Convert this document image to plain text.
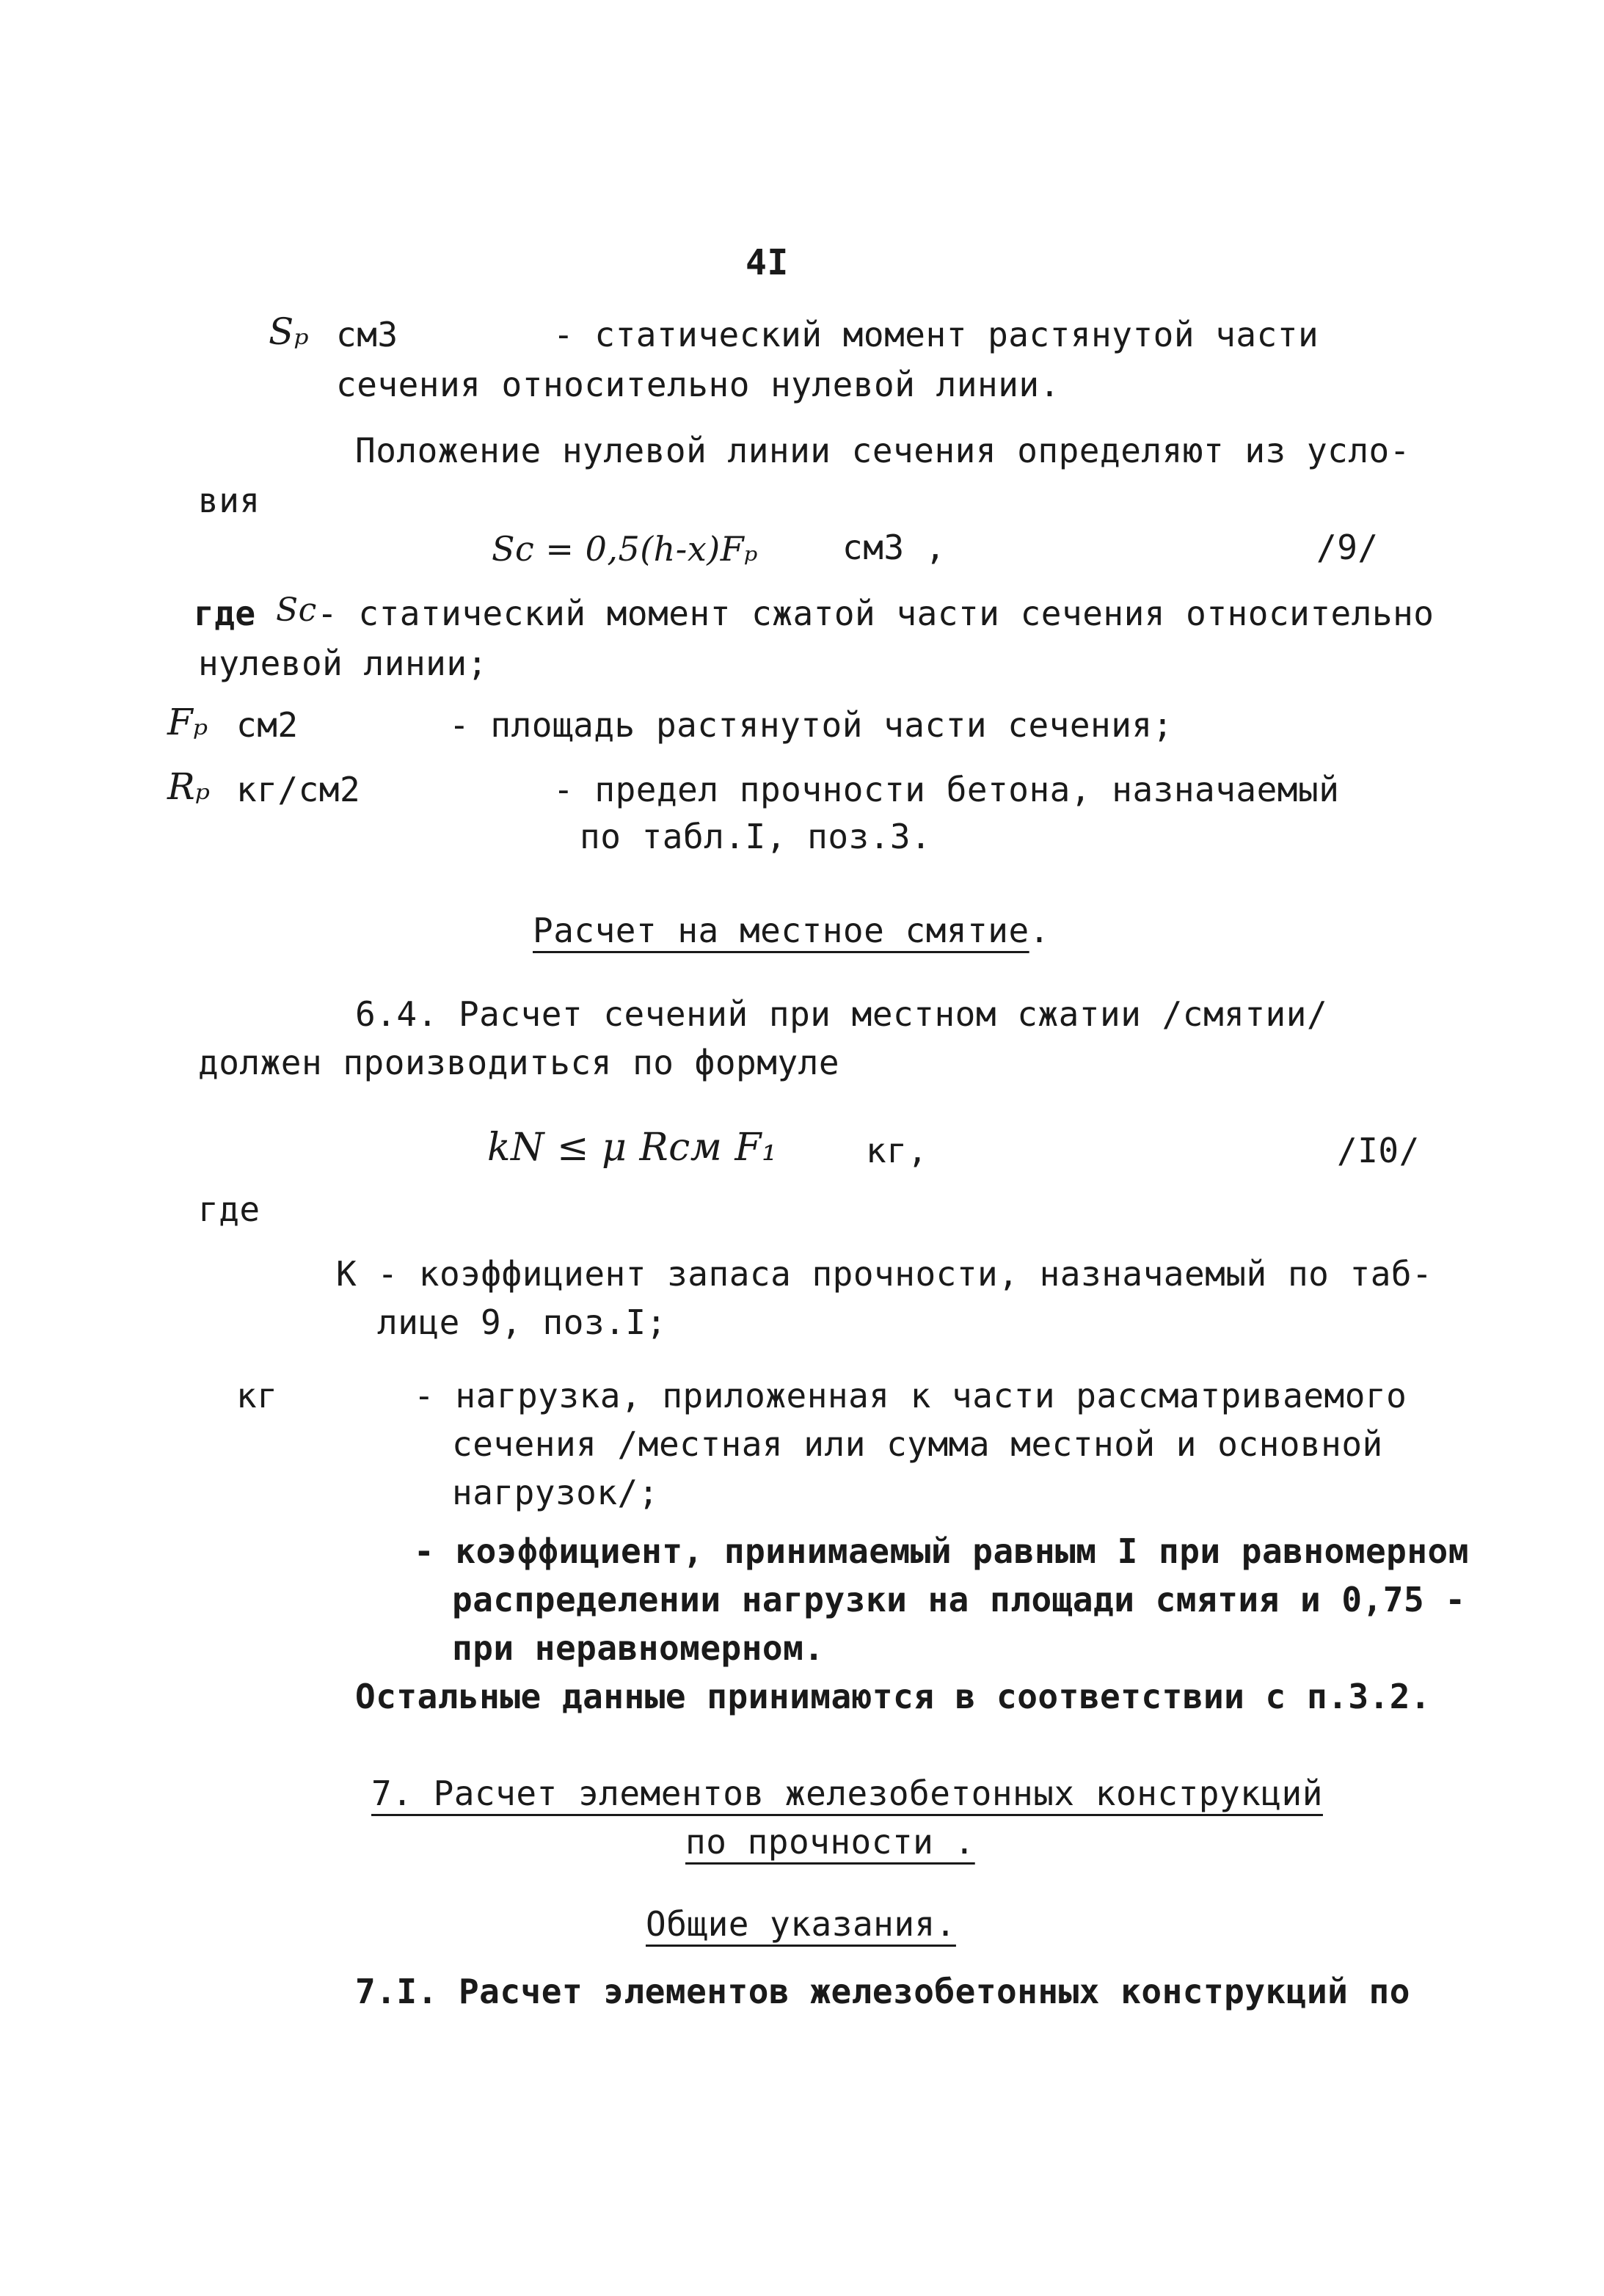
4I
Sₚ см3	- статический момент растянутой части
сечения относительно нулевой линии.
Положение нулевой линии сечения определяют из усло-
вия
Sc = 0,5(h-x)Fₚ см3 ,	/9/
где Sc - статический момент сжатой части сечения относительно
нулевой линии;
Fₚ см2	- площадь растянутой части сечения;
Rₚ кг/см2	- предел прочности бетона, назначаемый
по табл.I, поз.3.
Расчет на местное смятие.
6.4. Расчет сечений при местном сжатии /смятии/
должен производиться по формуле
kN ≤ μ Rсм F₁	кг,	/I0/
где
К - коэффициент запаса прочности, назначаемый по таб-
лице 9, поз.I;
кг	- нагрузка, приложенная к части рассматриваемого
сечения /местная или сумма местной и основной
нагрузок/;
- коэффициент, принимаемый равным I при равномерном
распределении нагрузки на площади смятия и 0,75 -
при неравномерном.
Остальные данные принимаются в соответствии с п.3.2.
7. Расчет элементов железобетонных конструкций
по прочности .
Общие указания.
7.I. Расчет элементов железобетонных конструкций по
